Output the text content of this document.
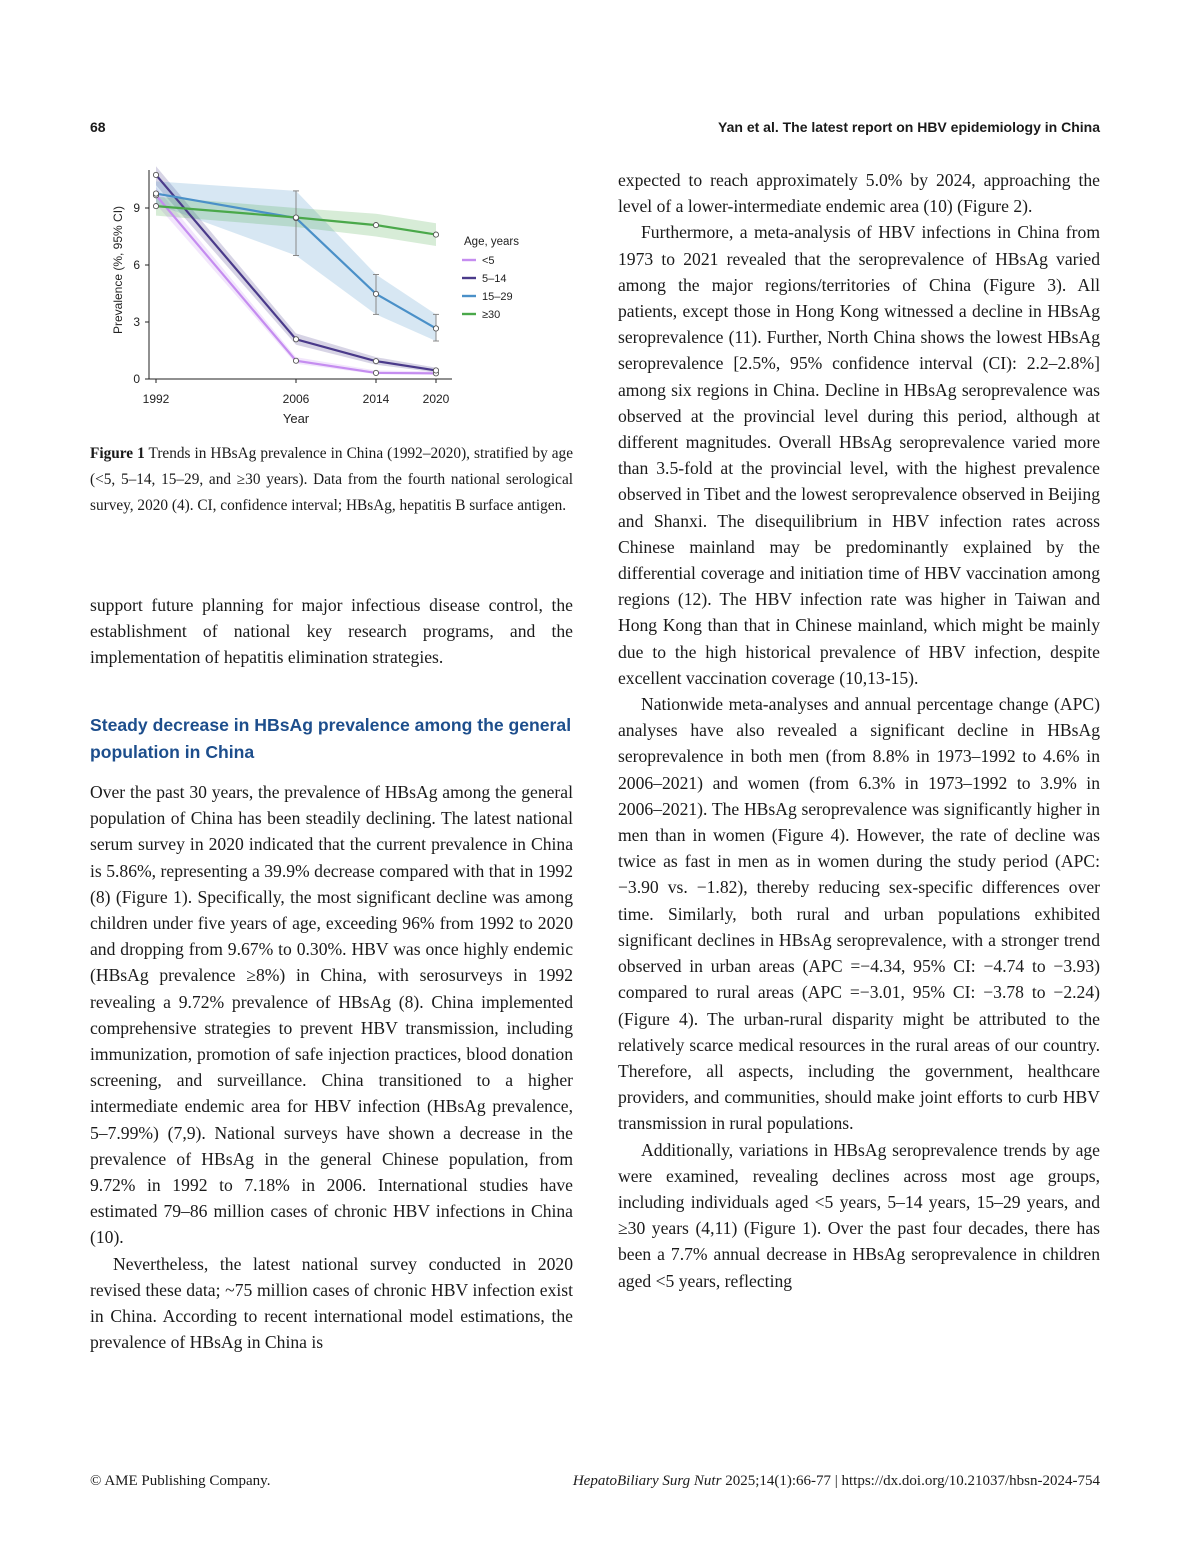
68	Yan et al. The latest report on HBV epidemiology in China
0
3
6
9
1992	2006	2014	2020
Prevalence (%, 95% CI)
Year
Age, years
<5
5–14
15–29
≥30
Figure 1 Trends in HBsAg prevalence in China (1992–2020), stratified by age (<5, 5–14, 15–29, and ≥30 years). Data from the fourth national serological survey, 2020 (4). CI, confidence interval; HBsAg, hepatitis B surface antigen.

support future planning for major infectious disease control, the establishment of national key research programs, and the implementation of hepatitis elimination strategies.

Steady decrease in HBsAg prevalence among the general population in China

Over the past 30 years, the prevalence of HBsAg among the general population of China has been steadily declining. The latest national serum survey in 2020 indicated that the current prevalence in China is 5.86%, representing a 39.9% decrease compared with that in 1992 (8) (Figure 1). Specifically, the most significant decline was among children under five years of age, exceeding 96% from 1992 to 2020 and dropping from 9.67% to 0.30%. HBV was once highly endemic (HBsAg prevalence ≥8%) in China, with serosurveys in 1992 revealing a 9.72% prevalence of HBsAg (8). China implemented comprehensive strategies to prevent HBV transmission, including immunization, promotion of safe injection practices, blood donation screening, and surveillance. China transitioned to a higher intermediate endemic area for HBV infection (HBsAg prevalence, 5–7.99%) (7,9). National surveys have shown a decrease in the prevalence of HBsAg in the general Chinese population, from 9.72% in 1992 to 7.18% in 2006. International studies have estimated 79–86 million cases of chronic HBV infections in China (10).

Nevertheless, the latest national survey conducted in 2020 revised these data; ~75 million cases of chronic HBV infection exist in China. According to recent international model estimations, the prevalence of HBsAg in China is

expected to reach approximately 5.0% by 2024, approaching the level of a lower-intermediate endemic area (10) (Figure 2).

Furthermore, a meta-analysis of HBV infections in China from 1973 to 2021 revealed that the seroprevalence of HBsAg varied among the major regions/territories of China (Figure 3). All patients, except those in Hong Kong witnessed a decline in HBsAg seroprevalence (11). Further, North China shows the lowest HBsAg seroprevalence [2.5%, 95% confidence interval (CI): 2.2–2.8%] among six regions in China. Decline in HBsAg seroprevalence was observed at the provincial level during this period, although at different magnitudes. Overall HBsAg seroprevalence varied more than 3.5-fold at the provincial level, with the highest prevalence observed in Tibet and the lowest seroprevalence observed in Beijing and Shanxi. The disequilibrium in HBV infection rates across Chinese mainland may be predominantly explained by the differential coverage and initiation time of HBV vaccination among regions (12). The HBV infection rate was higher in Taiwan and Hong Kong than that in Chinese mainland, which might be mainly due to the high historical prevalence of HBV infection, despite excellent vaccination coverage (10,13-15).

Nationwide meta-analyses and annual percentage change (APC) analyses have also revealed a significant decline in HBsAg seroprevalence in both men (from 8.8% in 1973–1992 to 4.6% in 2006–2021) and women (from 6.3% in 1973–1992 to 3.9% in 2006–2021). The HBsAg seroprevalence was significantly higher in men than in women (Figure 4). However, the rate of decline was twice as fast in men as in women during the study period (APC: −3.90 vs. −1.82), thereby reducing sex-specific differences over time. Similarly, both rural and urban populations exhibited significant declines in HBsAg seroprevalence, with a stronger trend observed in urban areas (APC =−4.34, 95% CI: −4.74 to −3.93) compared to rural areas (APC =−3.01, 95% CI: −3.78 to −2.24) (Figure 4). The urban-rural disparity might be attributed to the relatively scarce medical resources in the rural areas of our country. Therefore, all aspects, including the government, healthcare providers, and communities, should make joint efforts to curb HBV transmission in rural populations.

Additionally, variations in HBsAg seroprevalence trends by age were examined, revealing declines across most age groups, including individuals aged <5 years, 5–14 years, 15–29 years, and ≥30 years (4,11) (Figure 1). Over the past four decades, there has been a 7.7% annual decrease in HBsAg seroprevalence in children aged <5 years, reflecting

© AME Publishing Company.	HepatoBiliary Surg Nutr 2025;14(1):66-77 | https://dx.doi.org/10.21037/hbsn-2024-754
